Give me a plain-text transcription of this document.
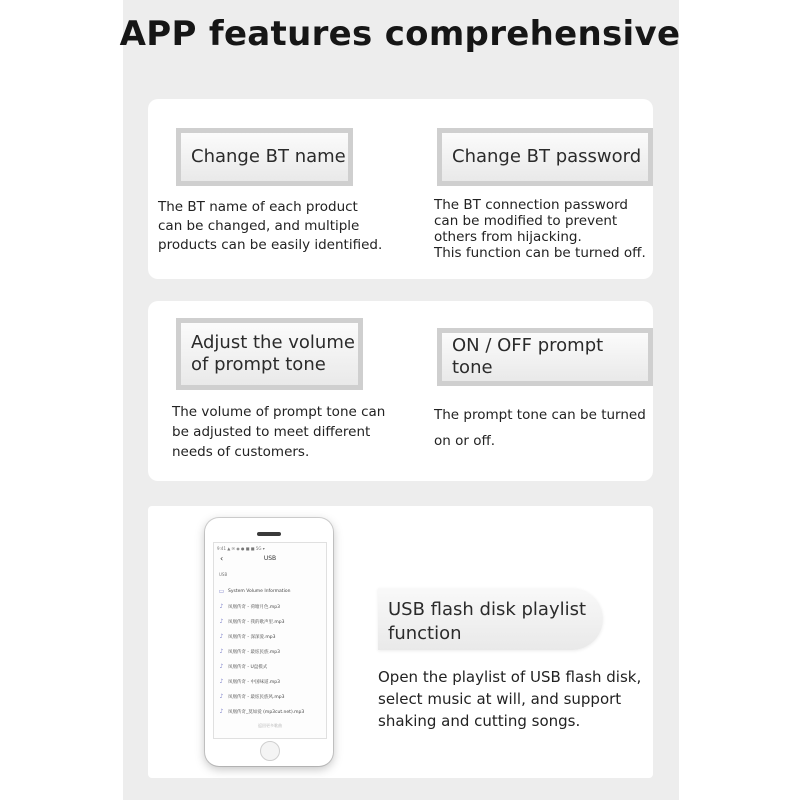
APP features comprehensive
Change BT name
The BT name of each product
can be changed, and multiple
products can be easily identified.
Change BT password
The BT connection password
can be modified to prevent
others from hijacking.
This function can be turned off.
Adjust the volume
of prompt tone
The volume of prompt tone can
be adjusted to meet different
needs of customers.
ON / OFF prompt tone
The prompt tone can be turned
on or off.
9:41 ▲ ✉ ◉ ● ■ ■ 5G ▾
‹	USB
USB
▭ System Volume Information
♪	凤凰传奇 - 荷塘月色.mp3
♪	凤凰传奇 - 我的歌声里.mp3
♪	凤凰传奇 - 深深爱.mp3
♪	凤凰传奇 - 最炫民族.mp3
♪	凤凰传奇 - U盘模式
♪	凤凰传奇 - 中国味道.mp3
♪	凤凰传奇 - 最炫民族风.mp3
♪	凤凰传奇_莫如爱 (mp3cut.net).mp3
返回更多歌曲
USB flash disk playlist
function
Open the playlist of USB flash disk,
select music at will, and support
shaking and cutting songs.
